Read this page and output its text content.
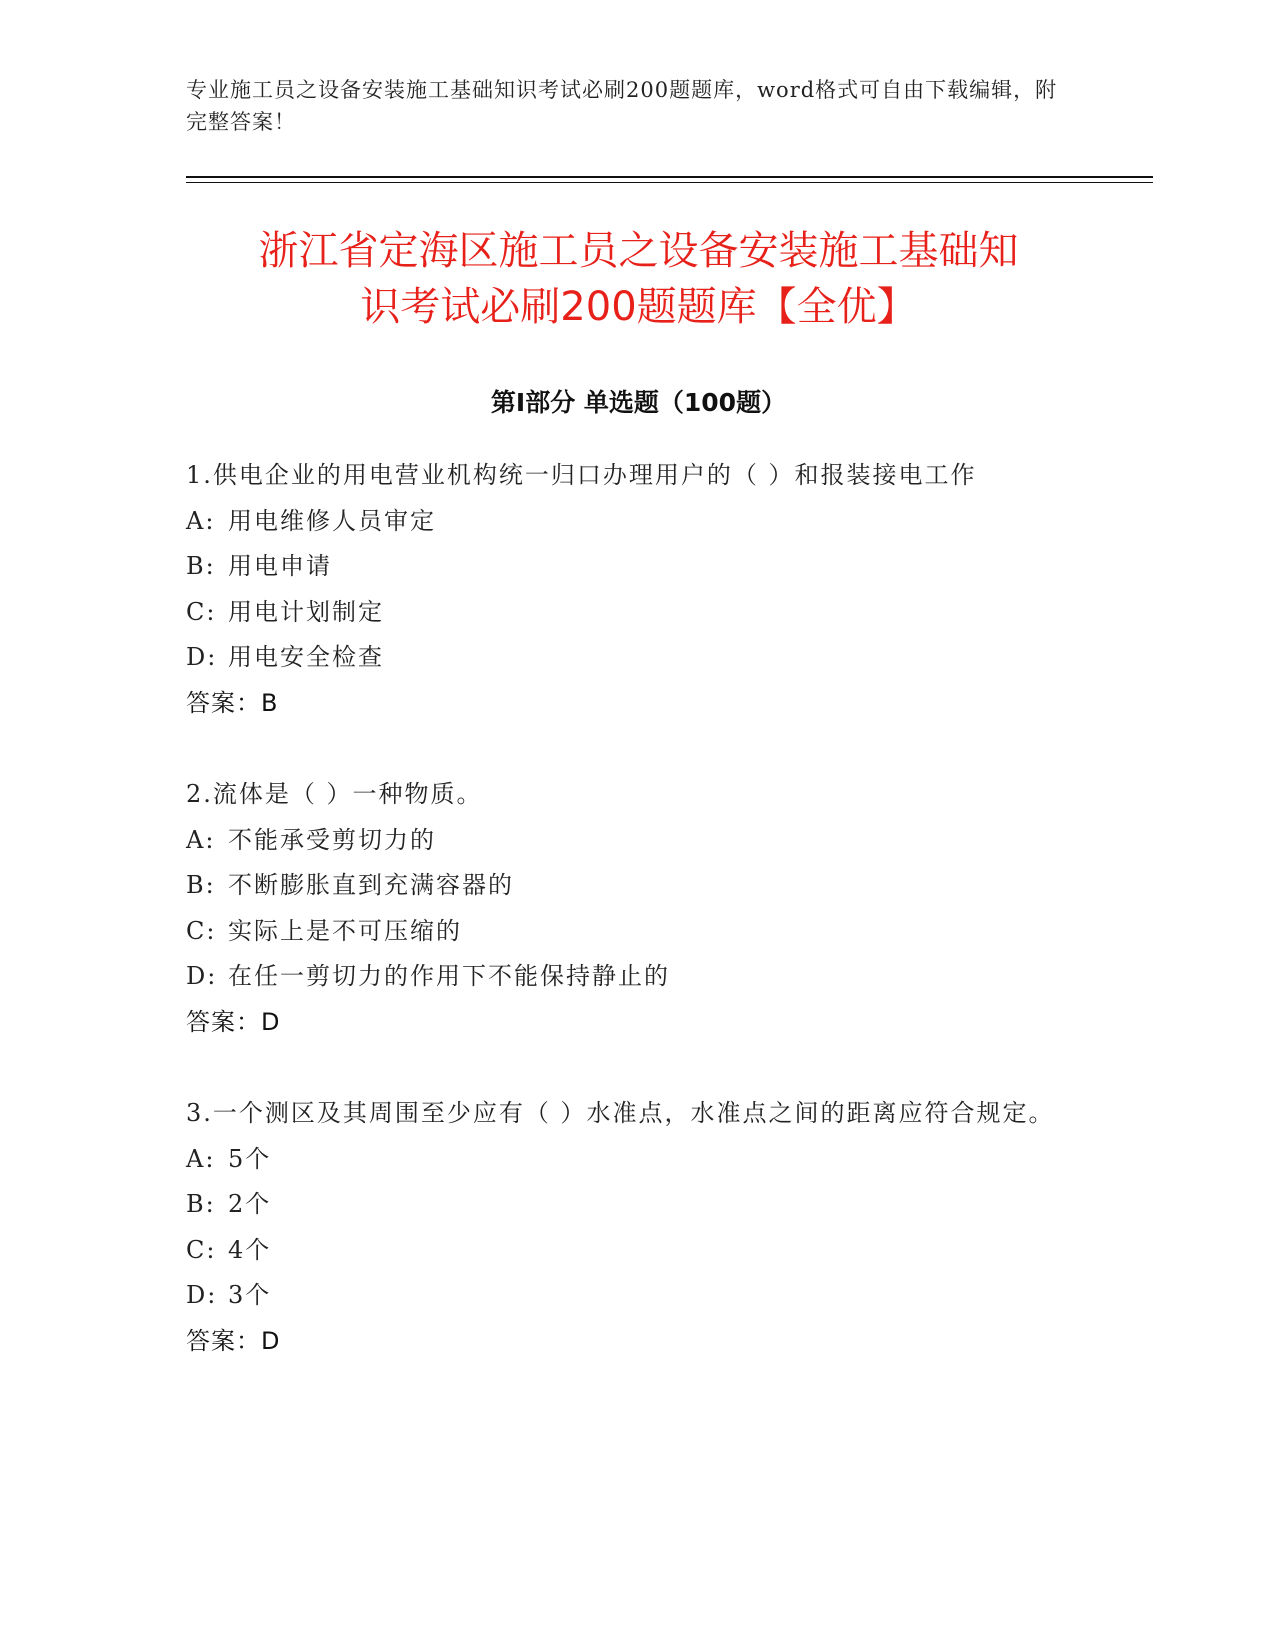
专业施工员之设备安装施工基础知识考试必刷200题题库，word格式可自由下载编辑，附完整答案！
浙江省定海区施工员之设备安装施工基础知
识考试必刷200题题库【全优】
第I部分 单选题（100题）

1.供电企业的用电营业机构统一归口办理用户的（ ）和报装接电工作

A: 用电维修人员审定

B: 用电申请

C: 用电计划制定

D: 用电安全检查

答案：B

2.流体是（ ）一种物质。

A: 不能承受剪切力的

B: 不断膨胀直到充满容器的

C: 实际上是不可压缩的

D: 在任一剪切力的作用下不能保持静止的

答案：D

3.一个测区及其周围至少应有（ ）水准点，水准点之间的距离应符合规定。

A: 5个

B: 2个

C: 4个

D: 3个

答案：D
